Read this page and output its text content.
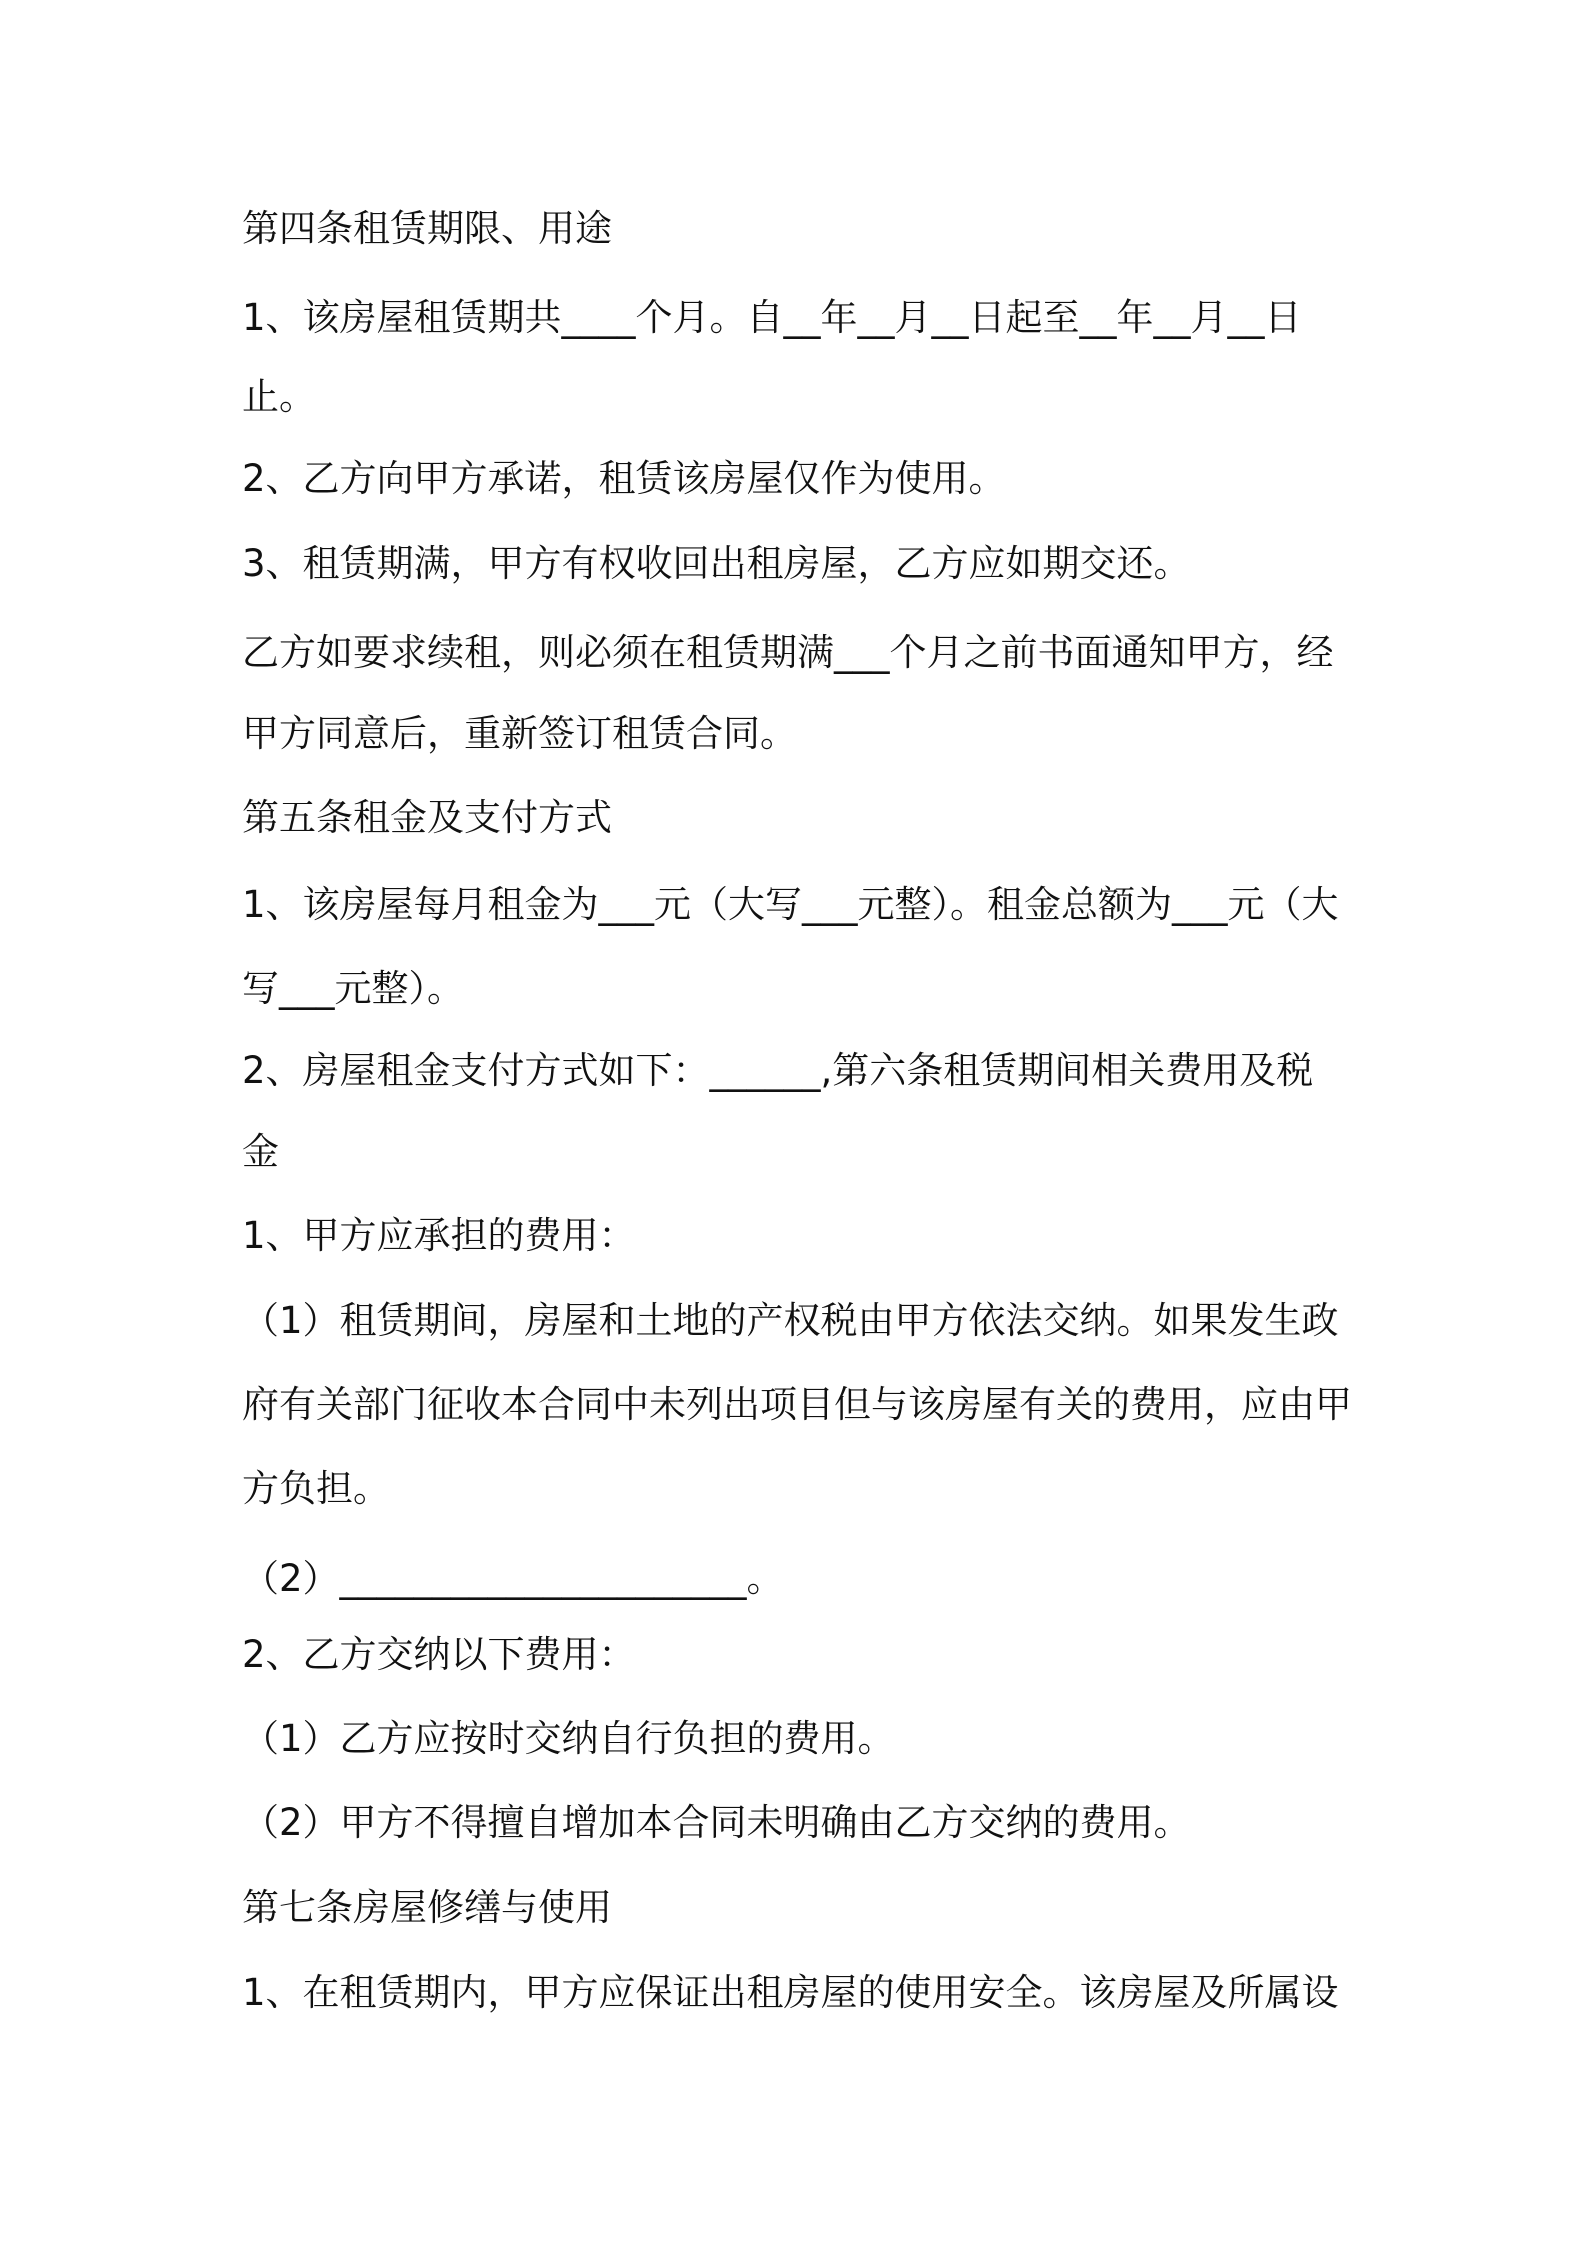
第四条租赁期限、用途

1、该房屋租赁期共____个月。自__年__月__日起至__年__月__日

止。

2、乙方向甲方承诺，租赁该房屋仅作为使用。

3、租赁期满，甲方有权收回出租房屋，乙方应如期交还。

乙方如要求续租，则必须在租赁期满___个月之前书面通知甲方，经

甲方同意后，重新签订租赁合同。

第五条租金及支付方式

1、该房屋每月租金为___元（大写___元整）。租金总额为___元（大

写___元整）。

2、房屋租金支付方式如下：______,第六条租赁期间相关费用及税

金

1、甲方应承担的费用：

（1）租赁期间，房屋和土地的产权税由甲方依法交纳。如果发生政

府有关部门征收本合同中未列出项目但与该房屋有关的费用，应由甲

方负担。

（2）______________________。

2、乙方交纳以下费用：

（1）乙方应按时交纳自行负担的费用。

（2）甲方不得擅自增加本合同未明确由乙方交纳的费用。

第七条房屋修缮与使用

1、在租赁期内，甲方应保证出租房屋的使用安全。该房屋及所属设
